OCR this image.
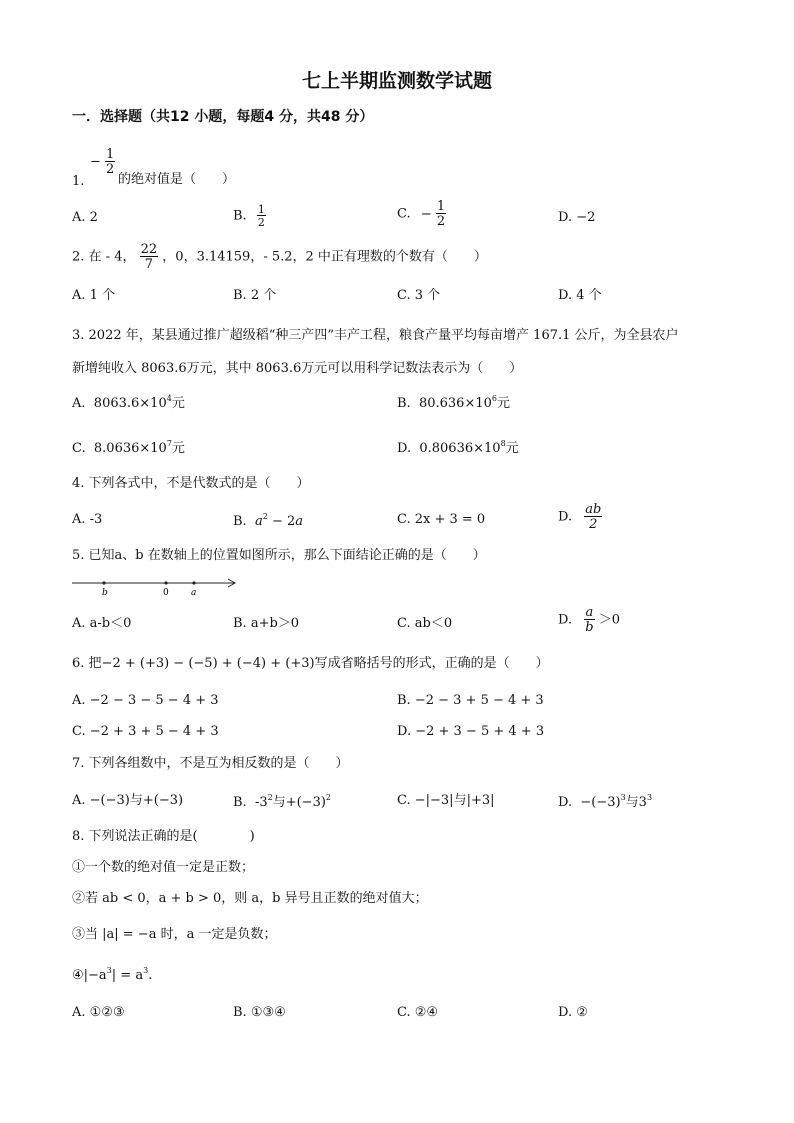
七上半期监测数学试题
一．选择题（共12 小题，每题4 分，共48 分）
1.
− $\frac{1}{2}$
的绝对值是（　　）
A. 2	B. $\frac{1}{2}$	C. − $\frac{1}{2}$	D. −2
2. 在 - 4， $\frac{22}{7}$ ，0，3.14159，- 5.2，2 中正有理数的个数有（　　）
A. 1 个	B. 2 个	C. 3 个	D. 4 个
3. 2022 年，某县通过推广超级稻“种三产四”丰产工程，粮食产量平均每亩增产 167.1 公斤，为全县农户
新增纯收入 8063.6万元，其中 8063.6万元可以用科学记数法表示为（　　）
A. $8063.6\times 10^4$元	B. $80.636\times 10^6$元
C. $8.0636\times 10^7$元	D. $0.80636\times 10^8$元
4. 下列各式中，不是代数式的是（　　）
A. -3	B. $a^2 - 2a$	C. 2x + 3 = 0	D. $\frac{ab}{2}$
5. 已知a、b 在数轴上的位置如图所示，那么下面结论正确的是（　　）
b	0 a
A. a-b＜0	B. a+b＞0	C. ab＜0	D. $\frac{a}{b} >0$
6. 把−2 + (+3) − (−5) + (−4) + (+3)写成省略括号的形式，正确的是（　　）
A. −2 − 3 − 5 − 4 + 3	B. −2 − 3 + 5 − 4 + 3
C. −2 + 3 + 5 − 4 + 3	D. −2 + 3 − 5 + 4 + 3
7. 下列各组数中，不是互为相反数的是（　　）
A. −(−3)与+(−3)	B. $-3^2$与$+(-3)^2$	C. −|−3|与|+3|	D. $-(-3)^3$与$3^3$
8. 下列说法正确的是(　　　　)
①一个数的绝对值一定是正数；
②若 ab < 0，a + b > 0，则 a，b 异号且正数的绝对值大；
③当 |a| = −a 时，a 一定是负数；
$④|-a^3| = a^3$.
A. ①②③	B. ①③④	C. ②④	D. ②
